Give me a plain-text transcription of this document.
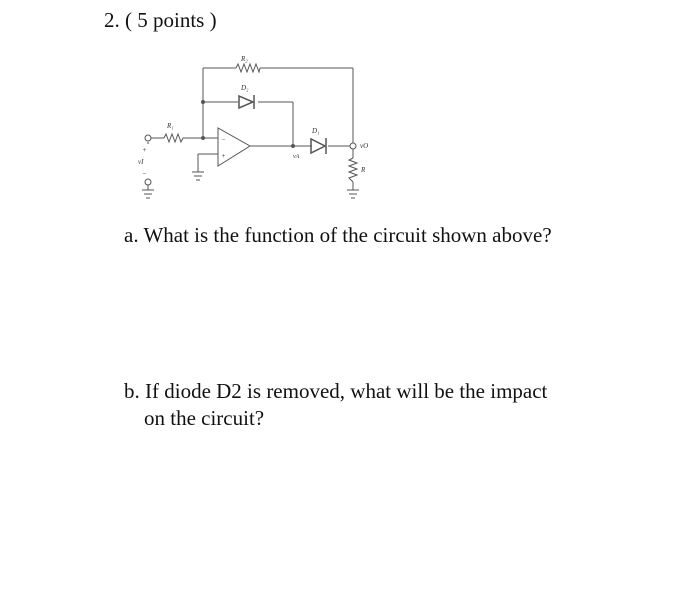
2. ( 5 points )
R₂
D₂
R₁
D₁
vO
R
vA
vI
+
−
−
+
a. What is the function of the circuit shown above?
b. If diode D2 is removed, what will be the impact
on the circuit?
